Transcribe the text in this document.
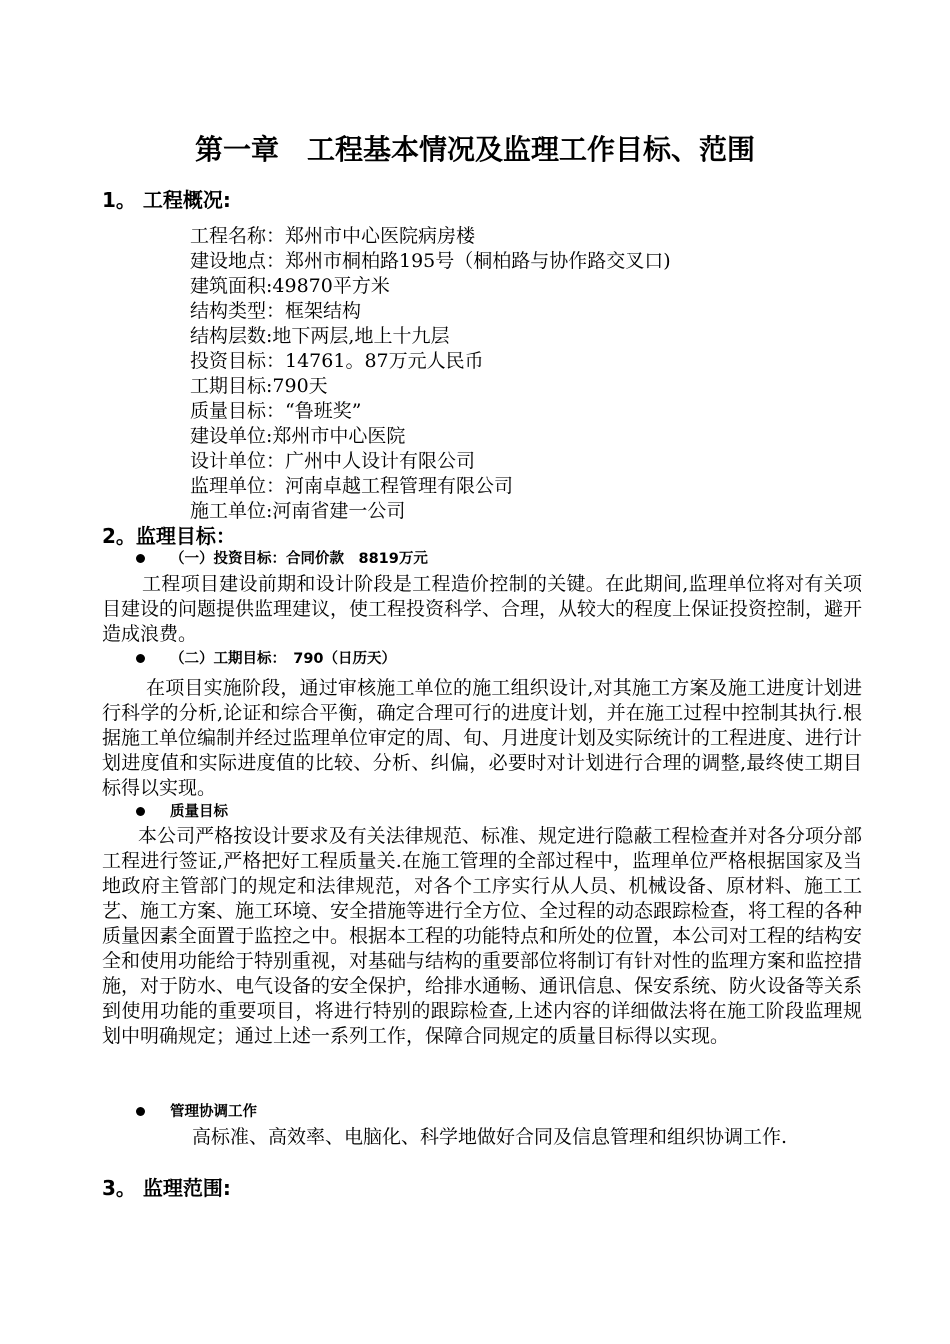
第一章　工程基本情况及监理工作目标、范围
1。 工程概况:
工程名称：郑州市中心医院病房楼
建设地点：郑州市桐柏路195号（桐柏路与协作路交叉口)
建筑面积:49870平方米
结构类型：框架结构
结构层数:地下两层,地上十九层
投资目标：14761。87万元人民币
工期目标:790天
质量目标：“鲁班奖”
建设单位:郑州市中心医院
设计单位：广州中人设计有限公司
监理单位：河南卓越工程管理有限公司
施工单位:河南省建一公司
2。监理目标：
（一）投资目标：合同价款　8819万元

工程项目建设前期和设计阶段是工程造价控制的关键。在此期间,监理单位将对有关项目建设的问题提供监理建议，使工程投资科学、合理，从较大的程度上保证投资控制，避开造成浪费。

（二）工期目标：　790（日历天）

在项目实施阶段，通过审核施工单位的施工组织设计,对其施工方案及施工进度计划进行科学的分析,论证和综合平衡，确定合理可行的进度计划，并在施工过程中控制其执行.根据施工单位编制并经过监理单位审定的周、旬、月进度计划及实际统计的工程进度、进行计划进度值和实际进度值的比较、分析、纠偏，必要时对计划进行合理的调整,最终使工期目标得以实现。

质量目标

本公司严格按设计要求及有关法律规范、标准、规定进行隐蔽工程检查并对各分项分部工程进行签证,严格把好工程质量关.在施工管理的全部过程中，监理单位严格根据国家及当地政府主管部门的规定和法律规范，对各个工序实行从人员、机械设备、原材料、施工工艺、施工方案、施工环境、安全措施等进行全方位、全过程的动态跟踪检查，将工程的各种质量因素全面置于监控之中。根据本工程的功能特点和所处的位置，本公司对工程的结构安全和使用功能给于特别重视，对基础与结构的重要部位将制订有针对性的监理方案和监控措施，对于防水、电气设备的安全保护，给排水通畅、通讯信息、保安系统、防火设备等关系到使用功能的重要项目，将进行特别的跟踪检查,上述内容的详细做法将在施工阶段监理规划中明确规定；通过上述一系列工作，保障合同规定的质量目标得以实现。

管理协调工作

高标准、高效率、电脑化、科学地做好合同及信息管理和组织协调工作.

3。 监理范围:
